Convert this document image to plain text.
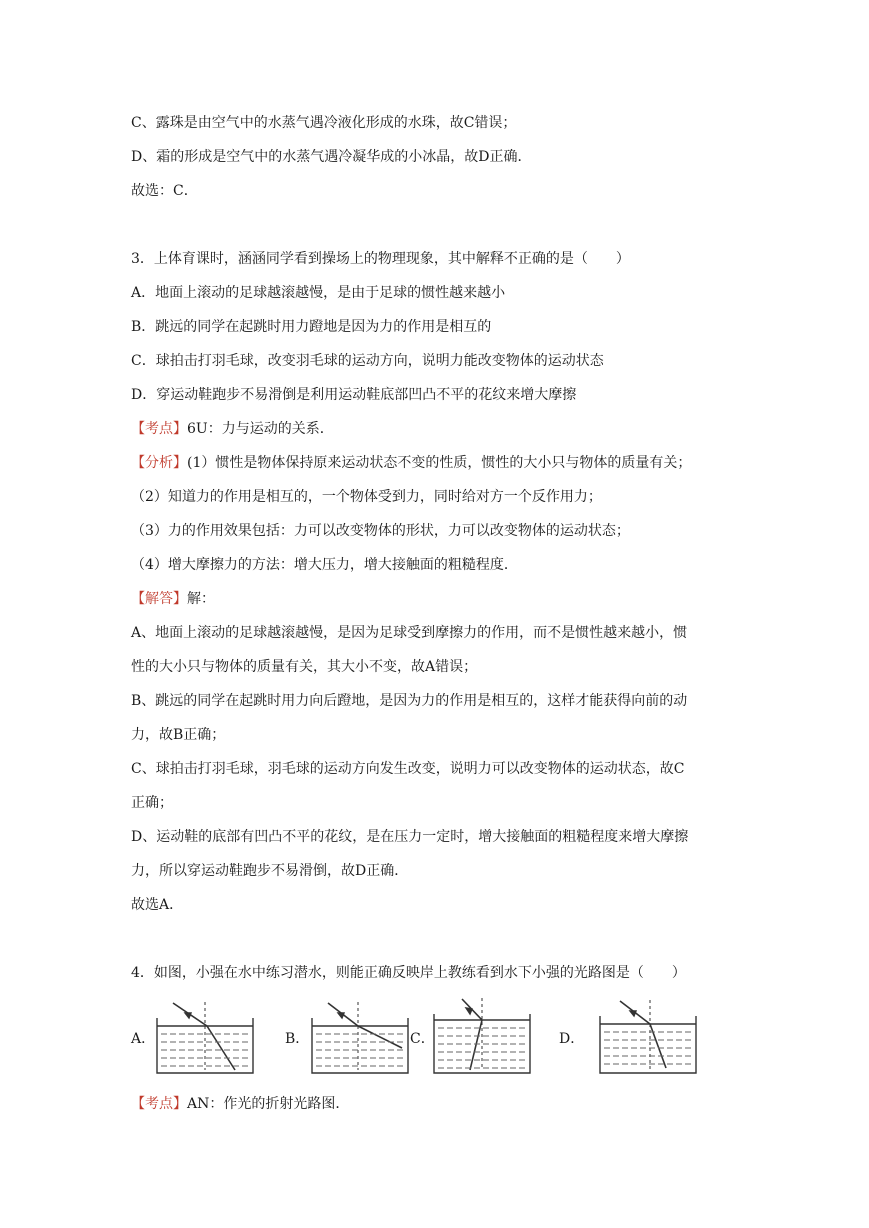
C、露珠是由空气中的水蒸气遇冷液化形成的水珠，故C错误；
D、霜的形成是空气中的水蒸气遇冷凝华成的小冰晶，故D正确．
故选：C．
3．上体育课时，涵涵同学看到操场上的物理现象，其中解释不正确的是（　　）
A．地面上滚动的足球越滚越慢，是由于足球的惯性越来越小
B．跳远的同学在起跳时用力蹬地是因为力的作用是相互的
C．球拍击打羽毛球，改变羽毛球的运动方向，说明力能改变物体的运动状态
D．穿运动鞋跑步不易滑倒是利用运动鞋底部凹凸不平的花纹来增大摩擦
【考点】6U：力与运动的关系．
【分析】(1）惯性是物体保持原来运动状态不变的性质，惯性的大小只与物体的质量有关；
（2）知道力的作用是相互的，一个物体受到力，同时给对方一个反作用力；
（3）力的作用效果包括：力可以改变物体的形状，力可以改变物体的运动状态；
（4）增大摩擦力的方法：增大压力，增大接触面的粗糙程度．
【解答】解：
A、地面上滚动的足球越滚越慢，是因为足球受到摩擦力的作用，而不是惯性越来越小，惯
性的大小只与物体的质量有关，其大小不变，故A错误；
B、跳远的同学在起跳时用力向后蹬地，是因为力的作用是相互的，这样才能获得向前的动
力，故B正确；
C、球拍击打羽毛球，羽毛球的运动方向发生改变，说明力可以改变物体的运动状态，故C
正确；
D、运动鞋的底部有凹凸不平的花纹，是在压力一定时，增大接触面的粗糙程度来增大摩擦
力，所以穿运动鞋跑步不易滑倒，故D正确．
故选A．
4．如图，小强在水中练习潜水，则能正确反映岸上教练看到水下小强的光路图是（　　）
A．	B．	C．	D．
【考点】AN：作光的折射光路图．
